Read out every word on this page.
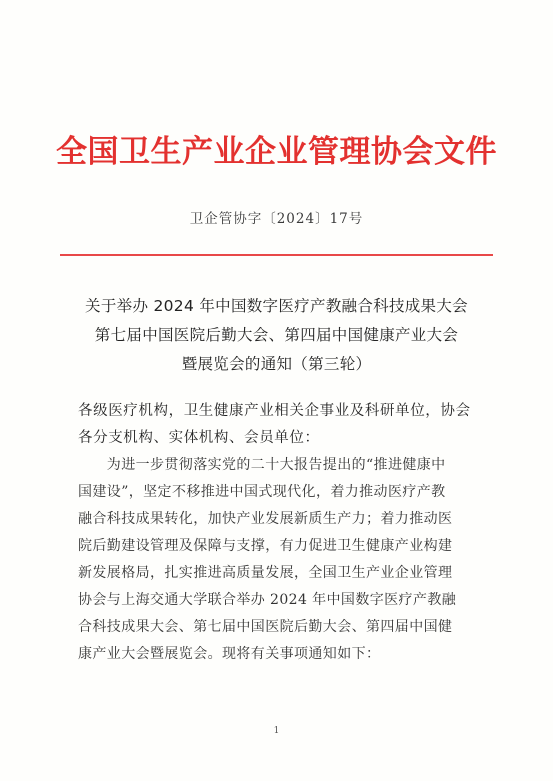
全国卫生产业企业管理协会文件
卫企管协字〔2024〕17号
关于举办 2024 年中国数字医疗产教融合科技成果大会
第七届中国医院后勤大会、第四届中国健康产业大会
暨展览会的通知（第三轮）
各级医疗机构，卫生健康产业相关企事业及科研单位，协会
各分支机构、实体机构、会员单位：
　　为进一步贯彻落实党的二十大报告提出的“推进健康中
国建设”，坚定不移推进中国式现代化，着力推动医疗产教
融合科技成果转化，加快产业发展新质生产力；着力推动医
院后勤建设管理及保障与支撑，有力促进卫生健康产业构建
新发展格局，扎实推进高质量发展，全国卫生产业企业管理
协会与上海交通大学联合举办 2024 年中国数字医疗产教融
合科技成果大会、第七届中国医院后勤大会、第四届中国健
康产业大会暨展览会。现将有关事项通知如下：
1
